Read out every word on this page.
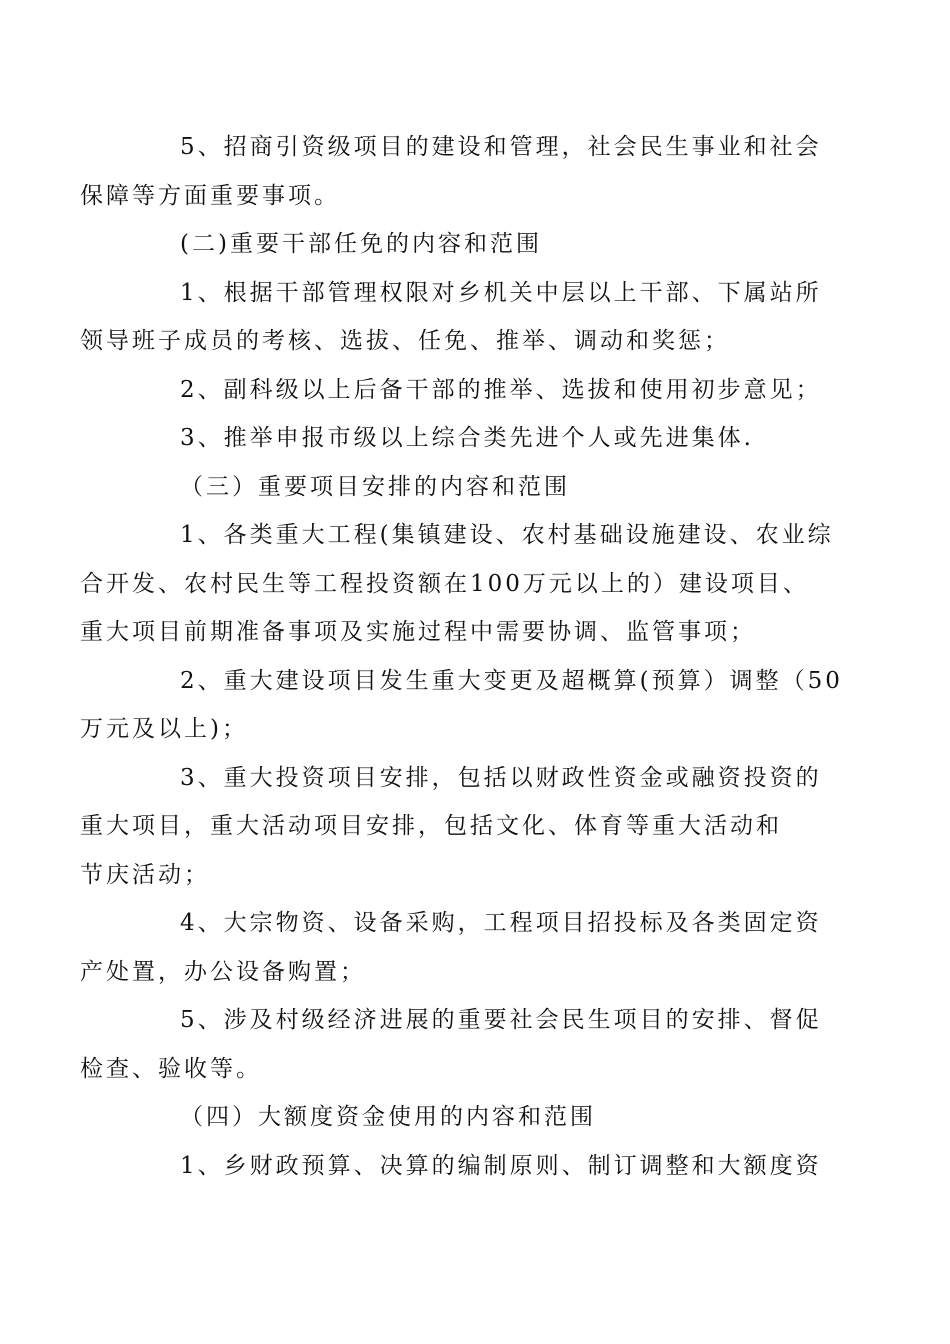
5、招商引资级项目的建设和管理，社会民生事业和社会
保障等方面重要事项。

(二)重要干部任免的内容和范围

1、根据干部管理权限对乡机关中层以上干部、下属站所
领导班子成员的考核、选拔、任免、推举、调动和奖惩；

2、副科级以上后备干部的推举、选拔和使用初步意见；

3、推举申报市级以上综合类先进个人或先进集体.

（三）重要项目安排的内容和范围

1、各类重大工程(集镇建设、农村基础设施建设、农业综
合开发、农村民生等工程投资额在100万元以上的）建设项目、
重大项目前期准备事项及实施过程中需要协调、监管事项；

2、重大建设项目发生重大变更及超概算(预算）调整（50
万元及以上)；

3、重大投资项目安排，包括以财政性资金或融资投资的
重大项目，重大活动项目安排，包括文化、体育等重大活动和
节庆活动；

4、大宗物资、设备采购，工程项目招投标及各类固定资
产处置，办公设备购置；

5、涉及村级经济进展的重要社会民生项目的安排、督促
检查、验收等。

（四）大额度资金使用的内容和范围

1、乡财政预算、决算的编制原则、制订调整和大额度资
